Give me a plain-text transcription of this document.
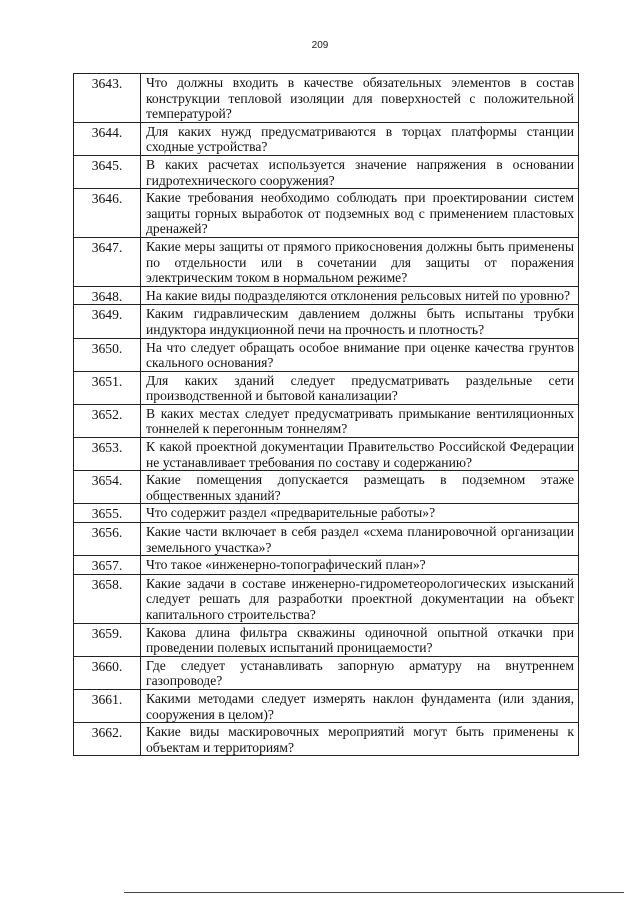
209
3643.	Что должны входить в качестве обязательных элементов в состав конструкции тепловой изоляции для поверхностей с положительной температурой?
3644.	Для каких нужд предусматриваются в торцах платформы станции сходные устройства?
3645.	В каких расчетах используется значение напряжения в основании гидротехнического сооружения?
3646.	Какие требования необходимо соблюдать при проектировании систем защиты горных выработок от подземных вод с применением пластовых дренажей?
3647.	Какие меры защиты от прямого прикосновения должны быть применены по отдельности или в сочетании для защиты от поражения электрическим током в нормальном режиме?
3648.	На какие виды подразделяются отклонения рельсовых нитей по уровню?
3649.	Каким гидравлическим давлением должны быть испытаны трубки индуктора индукционной печи на прочность и плотность?
3650.	На что следует обращать особое внимание при оценке качества грунтов скального основания?
3651.	Для каких зданий следует предусматривать раздельные сети производственной и бытовой канализации?
3652.	В каких местах следует предусматривать примыкание вентиляционных тоннелей к перегонным тоннелям?
3653.	К какой проектной документации Правительство Российской Федерации не устанавливает требования по составу и содержанию?
3654.	Какие помещения допускается размещать в подземном этаже общественных зданий?
3655.	Что содержит раздел «предварительные работы»?
3656.	Какие части включает в себя раздел «схема планировочной организации земельного участка»?
3657.	Что такое «инженерно-топографический план»?
3658.	Какие задачи в составе инженерно-гидрометеорологических изысканий следует решать для разработки проектной документации на объект капитального строительства?
3659.	Какова длина фильтра скважины одиночной опытной откачки при проведении полевых испытаний проницаемости?
3660.	Где следует устанавливать запорную арматуру на внутреннем газопроводе?
3661.	Какими методами следует измерять наклон фундамента (или здания, сооружения в целом)?
3662.	Какие виды маскировочных мероприятий могут быть применены к объектам и территориям?
